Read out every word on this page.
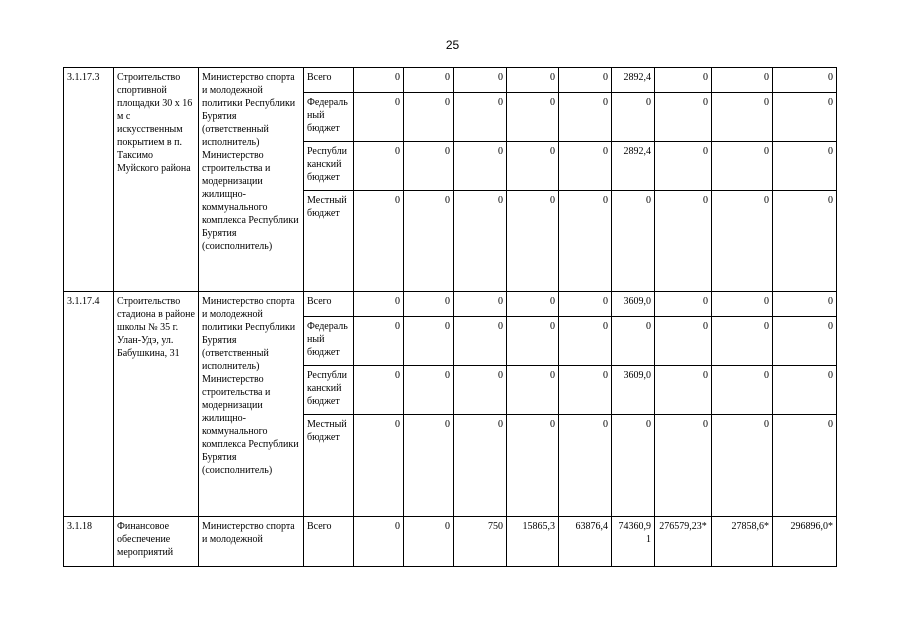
25
3.1.17.3	Строительство спортивной площадки 30 х 16 м с искусственным покрытием в п. Таксимо Муйского района	Министерство спорта и молодежной политики Республики Бурятия (ответственный исполнитель) Министерство строительства и модернизации жилищно-коммунального комплекса Республики Бурятия (соисполнитель)	Всего	0	0	0	0	0	2892,4	0	0	0
			Федераль ный бюджет	0	0	0	0	0	0	0	0	0
			Республи канский бюджет	0	0	0	0	0	2892,4	0	0	0
			Местный бюджет	0	0	0	0	0	0	0	0	0
3.1.17.4	Строительство стадиона в районе школы № 35 г. Улан-Удэ, ул. Бабушкина, 31	Министерство спорта и молодежной политики Республики Бурятия (ответственный исполнитель) Министерство строительства и модернизации жилищно-коммунального комплекса Республики Бурятия (соисполнитель)	Всего	0	0	0	0	0	3609,0	0	0	0
			Федераль ный бюджет	0	0	0	0	0	0	0	0	0
			Республи канский бюджет	0	0	0	0	0	3609,0	0	0	0
			Местный бюджет	0	0	0	0	0	0	0	0	0
3.1.18	Финансовое обеспечение мероприятий	Министерство спорта и молодежной	Всего	0	0	750	15865,3	63876,4	74360,91	276579,23*	27858,6*	296896,0*
